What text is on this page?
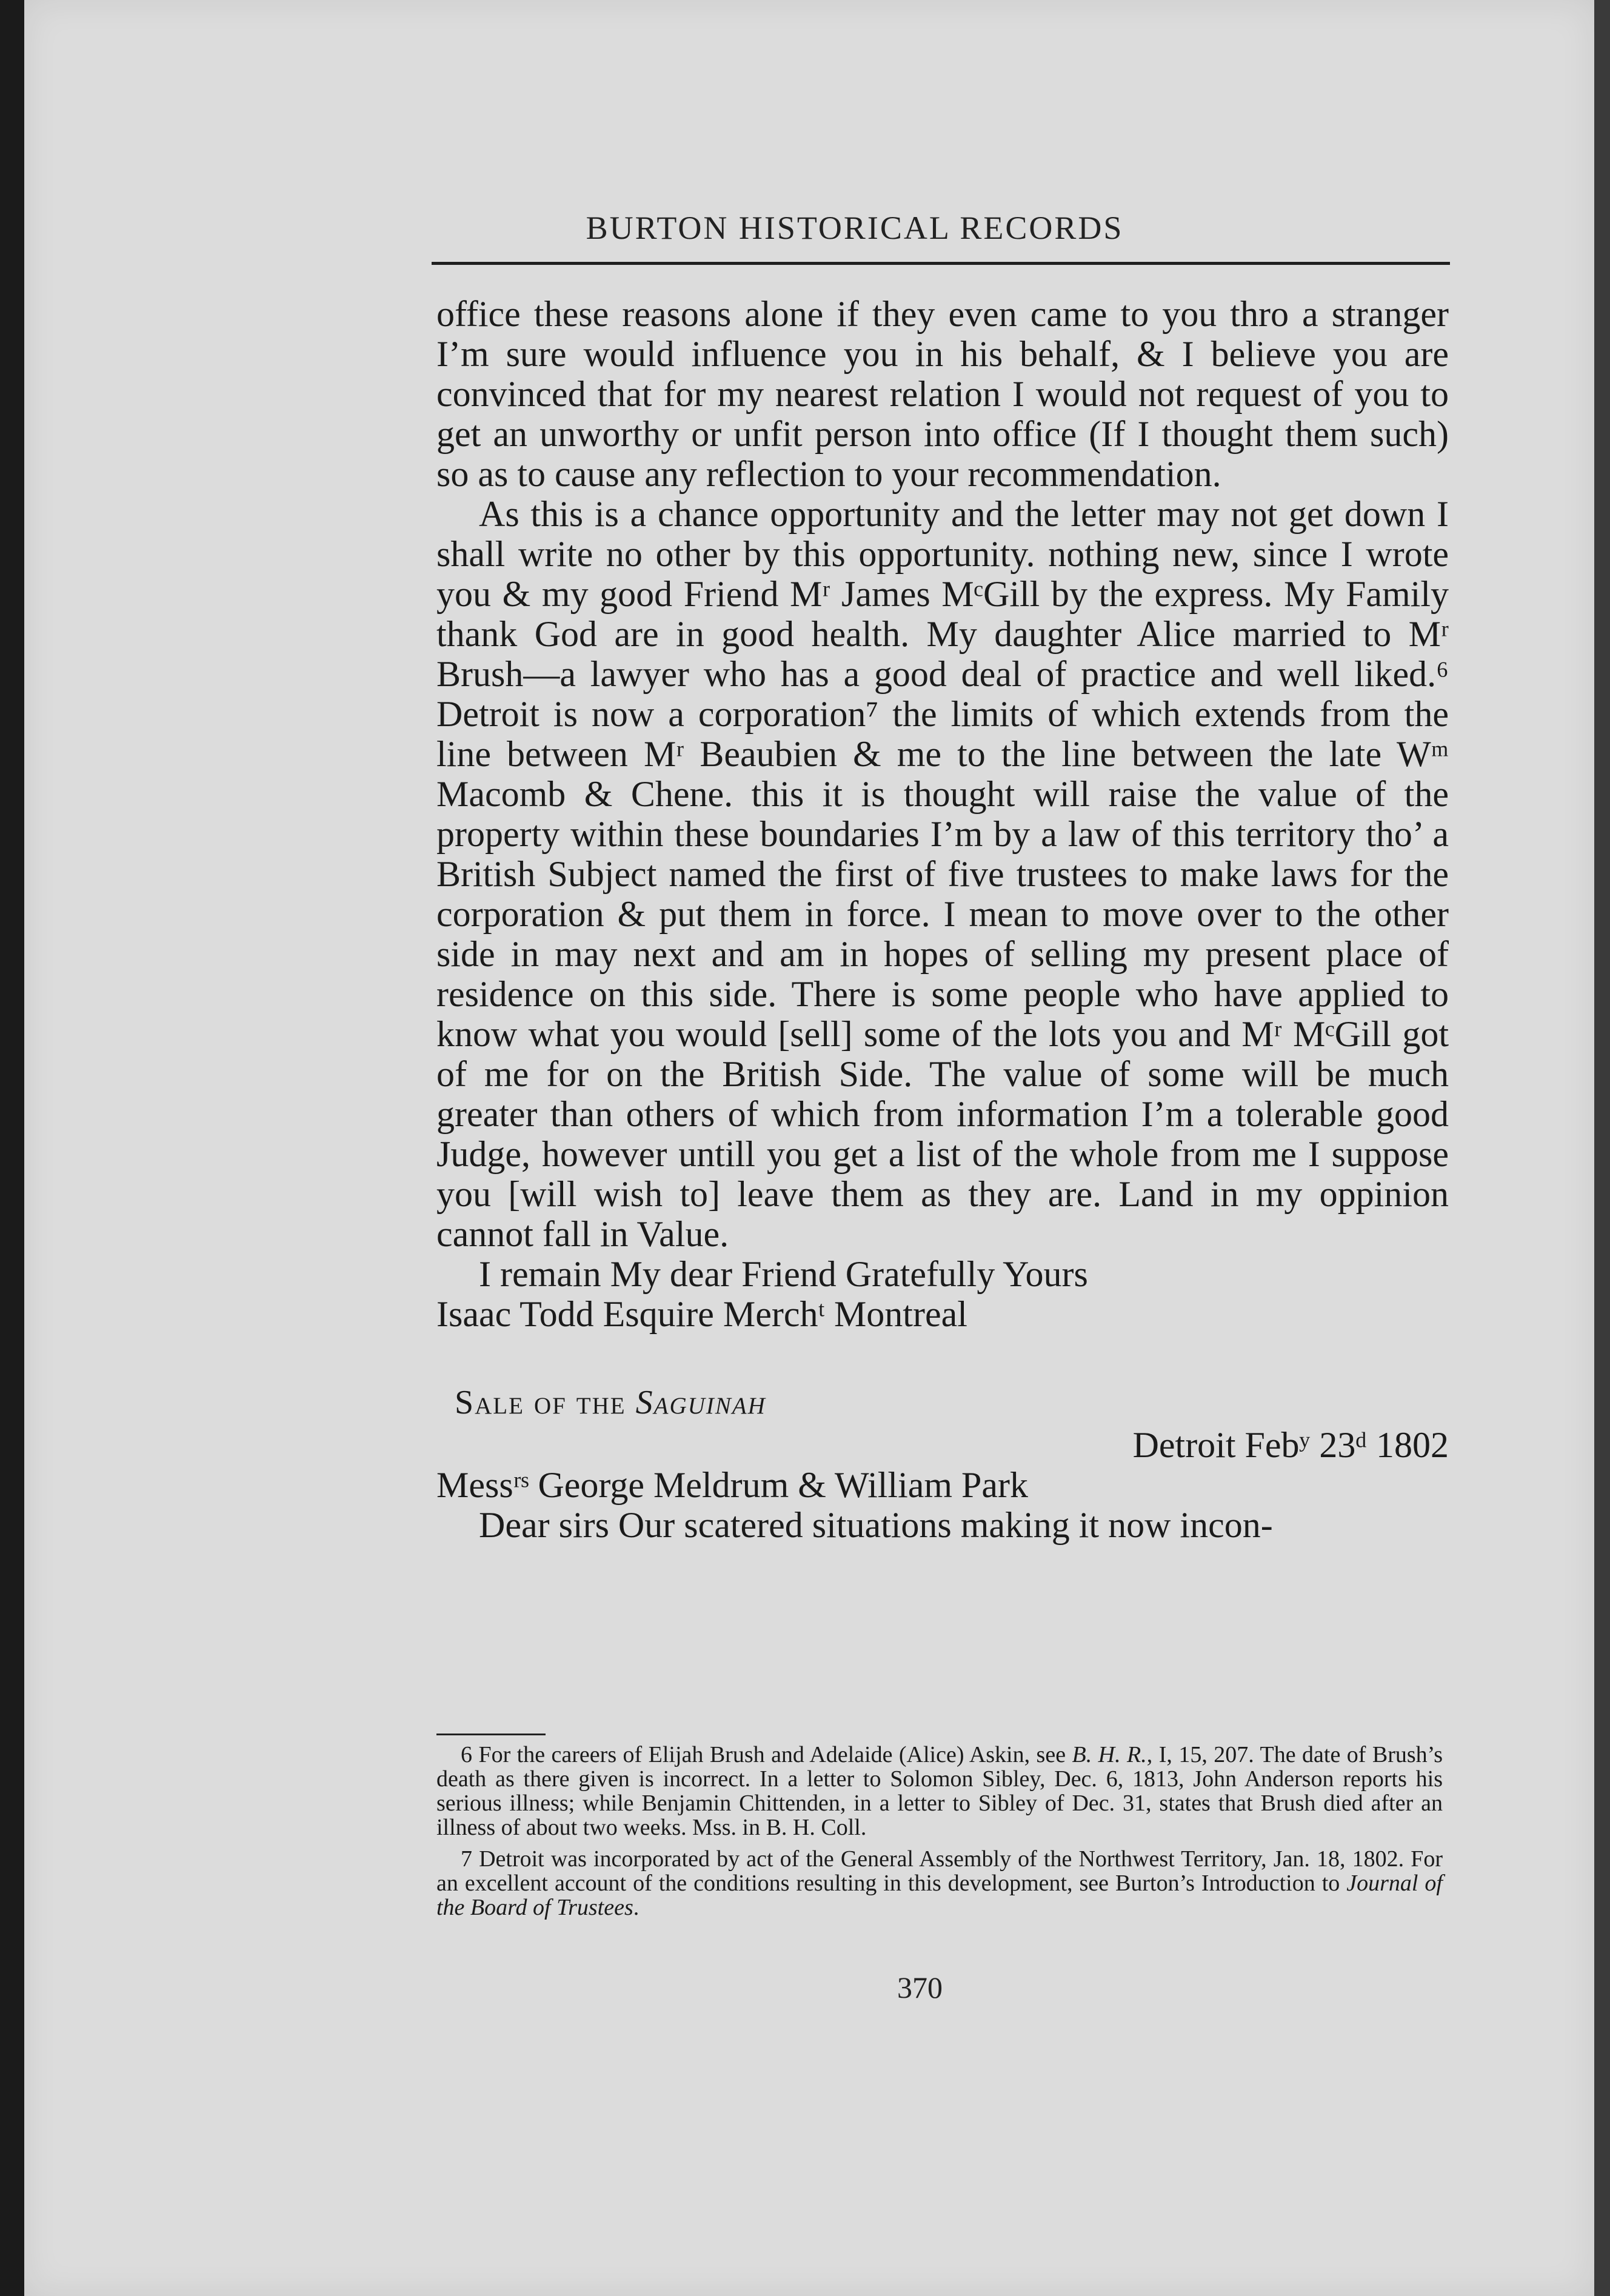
BURTON HISTORICAL RECORDS

office these reasons alone if they even came to you thro a stranger I’m sure would influence you in his behalf, & I believe you are convinced that for my nearest relation I would not request of you to get an unworthy or unfit person into office (If I thought them such) so as to cause any reflection to your recommendation.

As this is a chance opportunity and the letter may not get down I shall write no other by this opportunity. nothing new, since I wrote you & my good Friend Mʳ James MᶜGill by the express. My Family thank God are in good health. My daughter Alice married to Mʳ Brush—a lawyer who has a good deal of practice and well liked.⁶ Detroit is now a corporation⁷ the limits of which extends from the line between Mʳ Beaubien & me to the line between the late Wᵐ Macomb & Chene. this it is thought will raise the value of the property within these boundaries I’m by a law of this territory tho’ a British Subject named the first of five trustees to make laws for the corporation & put them in force. I mean to move over to the other side in may next and am in hopes of selling my present place of residence on this side. There is some people who have applied to know what you would [sell] some of the lots you and Mʳ MᶜGill got of me for on the British Side. The value of some will be much greater than others of which from information I’m a tolerable good Judge, however untill you get a list of the whole from me I suppose you [will wish to] leave them as they are. Land in my oppinion cannot fall in Value.

I remain My dear Friend Gratefully Yours

Isaac Todd Esquire Merchᵗ Montreal

Sale of the Saguinah

Detroit Febʸ 23ᵈ 1802

Messʳˢ George Meldrum & William Park

Dear sirs Our scatered situations making it now incon-

6 For the careers of Elijah Brush and Adelaide (Alice) Askin, see B. H. R., I, 15, 207. The date of Brush’s death as there given is incorrect. In a letter to Solomon Sibley, Dec. 6, 1813, John Anderson reports his serious illness; while Benjamin Chittenden, in a letter to Sibley of Dec. 31, states that Brush died after an illness of about two weeks. Mss. in B. H. Coll.

7 Detroit was incorporated by act of the General Assembly of the Northwest Territory, Jan. 18, 1802. For an excellent account of the conditions resulting in this development, see Burton’s Introduction to Journal of the Board of Trustees.

370
